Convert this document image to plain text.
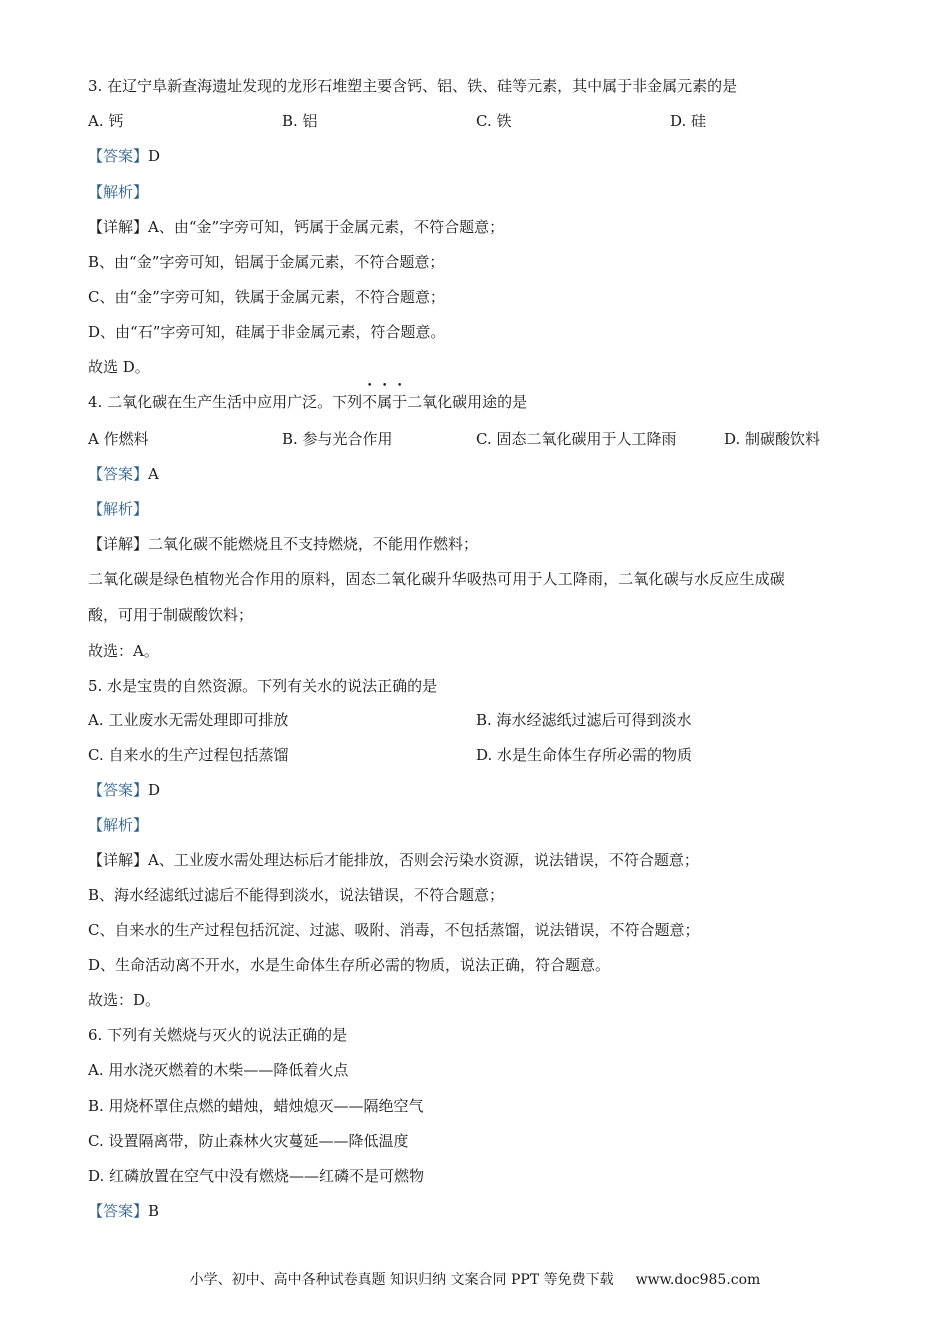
3. 在辽宁阜新查海遗址发现的龙形石堆塑主要含钙、铝、铁、硅等元素，其中属于非金属元素的是
A. 钙	B. 铝	C. 铁	D. 硅
【答案】D
【解析】
【详解】A、由“金”字旁可知，钙属于金属元素，不符合题意；
B、由“金”字旁可知，铝属于金属元素，不符合题意；
C、由“金”字旁可知，铁属于金属元素，不符合题意；
D、由“石”字旁可知，硅属于非金属元素，符合题意。
故选 D。
4. 二氧化碳在生产生活中应用广泛。下列不属于二氧化碳用途的是
A 作燃料	B. 参与光合作用	C. 固态二氧化碳用于人工降雨	D. 制碳酸饮料
【答案】A
【解析】
【详解】二氧化碳不能燃烧且不支持燃烧，不能用作燃料；
二氧化碳是绿色植物光合作用的原料，固态二氧化碳升华吸热可用于人工降雨，二氧化碳与水反应生成碳
酸，可用于制碳酸饮料；
故选：A。
5. 水是宝贵的自然资源。下列有关水的说法正确的是
A. 工业废水无需处理即可排放	B. 海水经滤纸过滤后可得到淡水
C. 自来水的生产过程包括蒸馏	D. 水是生命体生存所必需的物质
【答案】D
【解析】
【详解】A、工业废水需处理达标后才能排放，否则会污染水资源，说法错误，不符合题意；
B、海水经滤纸过滤后不能得到淡水，说法错误，不符合题意；
C、自来水的生产过程包括沉淀、过滤、吸附、消毒，不包括蒸馏，说法错误，不符合题意；
D、生命活动离不开水，水是生命体生存所必需的物质，说法正确，符合题意。
故选：D。
6. 下列有关燃烧与灭火的说法正确的是
A. 用水浇灭燃着的木柴——降低着火点
B. 用烧杯罩住点燃的蜡烛，蜡烛熄灭——隔绝空气
C. 设置隔离带，防止森林火灾蔓延——降低温度
D. 红磷放置在空气中没有燃烧——红磷不是可燃物
【答案】B
小学、初中、高中各种试卷真题 知识归纳 文案合同 PPT 等免费下载 www.doc985.com
